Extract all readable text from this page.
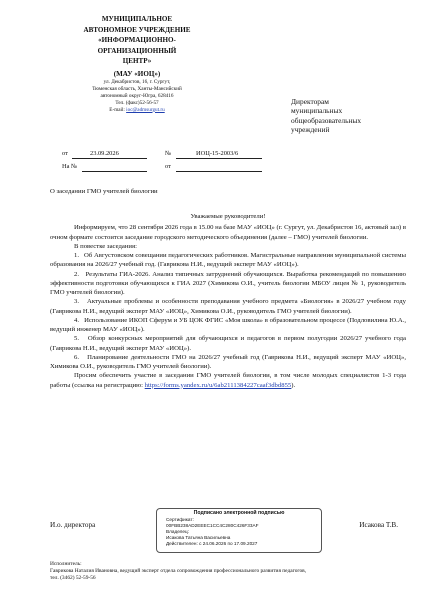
МУНИЦИПАЛЬНОЕ
АВТОНОМНОЕ УЧРЕЖДЕНИЕ
«ИНФОРМАЦИОННО-ОРГАНИЗАЦИОННЫЙ
ЦЕНТР»
(МАУ «ИОЦ»)
ул. Декабристов, 16, г. Сургут,
Тюменская область, Ханты-Мансийский
автономный округ-Югра, 628416
Тел. (факс)52-56-57
E-mail: ioc@admsurgut.ru
Директорам
муниципальных
общеобразовательных
учреждений
от	23.09.2026	№	ИОЦ-15-2003/6
На №	от
О заседании ГМО учителей биологии
Уважаемые руководители!

Информируем, что 28 сентября 2026 года в 15.00 на базе МАУ «ИОЦ» (г. Сургут, ул. Декабристов 16, актовый зал) в очном формате состоится заседание городского методического объединения (далее – ГМО) учителей биологии.

В повестке заседания:

1.   Об Августовском совещании педагогических работников. Магистральные направления муниципальной системы образования на 2026/27 учебный год. (Гаврикова Н.И., ведущий эксперт МАУ «ИОЦ»).

2.   Результаты ГИА-2026. Анализ типичных затруднений обучающихся. Выработка рекомендаций по повышению эффективности подготовки обучающихся к ГИА 2027 (Химикова О.И., учитель биологии МБОУ лицея № 1, руководитель ГМО учителей биологии).

3.   Актуальные проблемы и особенности преподавания учебного предмета «Биология» в 2026/27 учебном году (Гаврикова Н.И., ведущий эксперт МАУ «ИОЦ», Химикова О.И., руководитель ГМО учителей биологии).

4.   Использование ИКОП Сферум и УБ ЦОК ФГИС «Моя школа» в образовательном процессе (Подловилина Ю.А., ведущий инженер МАУ «ИОЦ»).

5.   Обзор конкурсных мероприятий для обучающихся и педагогов в первом полугодии 2026/27 учебного года (Гаврикова Н.И., ведущий эксперт МАУ «ИОЦ»).

6.   Планирование деятельности ГМО на 2026/27 учебный год (Гаврикова Н.И., ведущий эксперт МАУ «ИОЦ», Химикова О.И., руководитель ГМО учителей биологии).

Просим обеспечить участие в заседании ГМО учителей биологии, в том числе молодых специалистов 1-3 года работы (ссылка на регистрацию: https://forms.yandex.ru/u/6ab2111384227caaf3dbd855).

И.о. директора
Подписано электронной подписью
Сертификат:
00FBB238AD2EEEC1CC4C280C426F33AF
Владелец:
Исакова Татьяна Васильевна
Действителен: с 24.06.2026 по 17.09.2027
Исакова Т.В.
Исполнитель:
Гаврикова Наталия Ивановна, ведущий эксперт отдела сопровождения профессионального развития педагогов,
тел. (3462) 52-59-56
